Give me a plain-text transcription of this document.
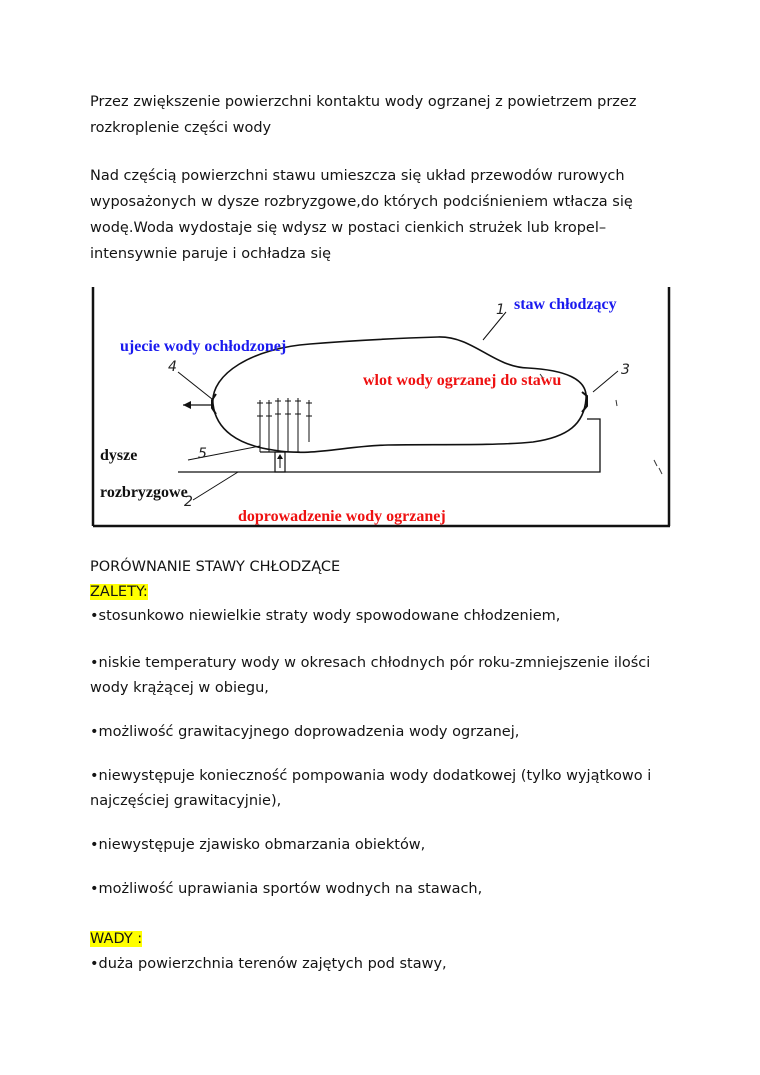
Przez zwiększenie powierzchni kontaktu wody ogrzanej z powietrzem przez
rozkroplenie części wody
Nad częścią powierzchni stawu umieszcza się układ przewodów rurowych
wyposażonych w dysze rozbryzgowe,do których podciśnieniem wtłacza się
wodę.Woda wydostaje się wdysz w postaci cienkich strużek lub kropel–
intensywnie paruje i ochładza się
1
2
3
4
5
staw chłodzący
ujecie wody ochłodzonej
wlot wody ogrzanej do stawu
dysze
rozbryzgowe
doprowadzenie wody ogrzanej
PORÓWNANIE STAWY CHŁODZĄCE
ZALETY:
•stosunkowo niewielkie straty wody spowodowane chłodzeniem,
•niskie temperatury wody w okresach chłodnych pór roku-zmniejszenie ilości
wody krążącej w obiegu,
•możliwość grawitacyjnego doprowadzenia wody ogrzanej,
•niewystępuje konieczność pompowania wody dodatkowej (tylko wyjątkowo i
najczęściej grawitacyjnie),
•niewystępuje zjawisko obmarzania obiektów,
•możliwość uprawiania sportów wodnych na stawach,
WADY :
•duża powierzchnia terenów zajętych pod stawy,
